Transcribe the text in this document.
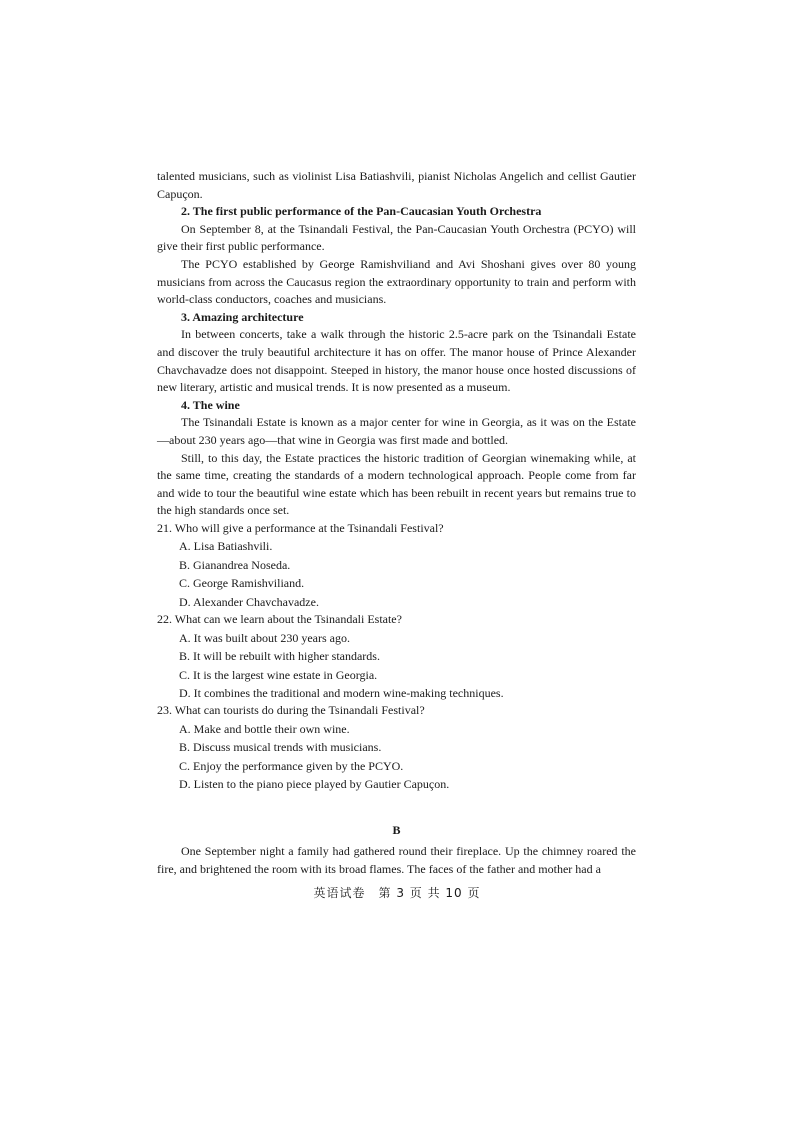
talented musicians, such as violinist Lisa Batiashvili, pianist Nicholas Angelich and cellist Gautier Capuçon.

2. The first public performance of the Pan-Caucasian Youth Orchestra

On September 8, at the Tsinandali Festival, the Pan-Caucasian Youth Orchestra (PCYO) will give their first public performance.

The PCYO established by George Ramishviliand and Avi Shoshani gives over 80 young musicians from across the Caucasus region the extraordinary opportunity to train and perform with world-class conductors, coaches and musicians.

3. Amazing architecture

In between concerts, take a walk through the historic 2.5-acre park on the Tsinandali Estate and discover the truly beautiful architecture it has on offer. The manor house of Prince Alexander Chavchavadze does not disappoint. Steeped in history, the manor house once hosted discussions of new literary, artistic and musical trends. It is now presented as a museum.

4. The wine

The Tsinandali Estate is known as a major center for wine in Georgia, as it was on the Estate—about 230 years ago—that wine in Georgia was first made and bottled.

Still, to this day, the Estate practices the historic tradition of Georgian winemaking while, at the same time, creating the standards of a modern technological approach. People come from far and wide to tour the beautiful wine estate which has been rebuilt in recent years but remains true to the high standards once set.

21. Who will give a performance at the Tsinandali Festival?

A. Lisa Batiashvili.

B. Gianandrea Noseda.

C. George Ramishviliand.

D. Alexander Chavchavadze.

22. What can we learn about the Tsinandali Estate?

A. It was built about 230 years ago.

B. It will be rebuilt with higher standards.

C. It is the largest wine estate in Georgia.

D. It combines the traditional and modern wine-making techniques.

23. What can tourists do during the Tsinandali Festival?

A. Make and bottle their own wine.

B. Discuss musical trends with musicians.

C. Enjoy the performance given by the PCYO.

D. Listen to the piano piece played by Gautier Capuçon.

B

One September night a family had gathered round their fireplace. Up the chimney roared the fire, and brightened the room with its broad flames. The faces of the father and mother had a

英语试卷　第 3 页 共 10 页
